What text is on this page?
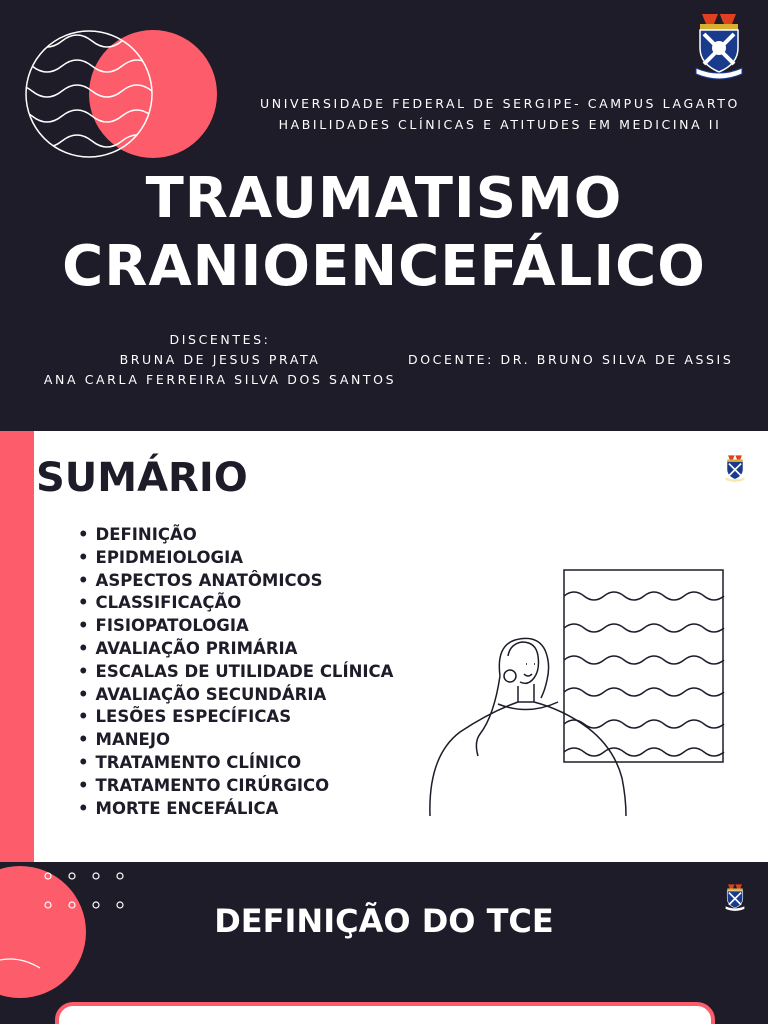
UNIVERSIDADE FEDERAL DE SERGIPE- CAMPUS LAGARTO
HABILIDADES CLÍNICAS E ATITUDES EM MEDICINA II
TRAUMATISMO
CRANIOENCEFÁLICO
DISCENTES:
BRUNA DE JESUS PRATA
ANA CARLA FERREIRA SILVA DOS SANTOS
DOCENTE: DR. BRUNO SILVA DE ASSIS
SUMÁRIO
• DEFINIÇÃO
• EPIDMEIOLOGIA
• ASPECTOS ANATÔMICOS
• CLASSIFICAÇÃO
• FISIOPATOLOGIA
• AVALIAÇÃO PRIMÁRIA
• ESCALAS DE UTILIDADE CLÍNICA
• AVALIAÇÃO SECUNDÁRIA
• LESÕES ESPECÍFICAS
• MANEJO
• TRATAMENTO CLÍNICO
• TRATAMENTO CIRÚRGICO
• MORTE ENCEFÁLICA
DEFINIÇÃO DO TCE
